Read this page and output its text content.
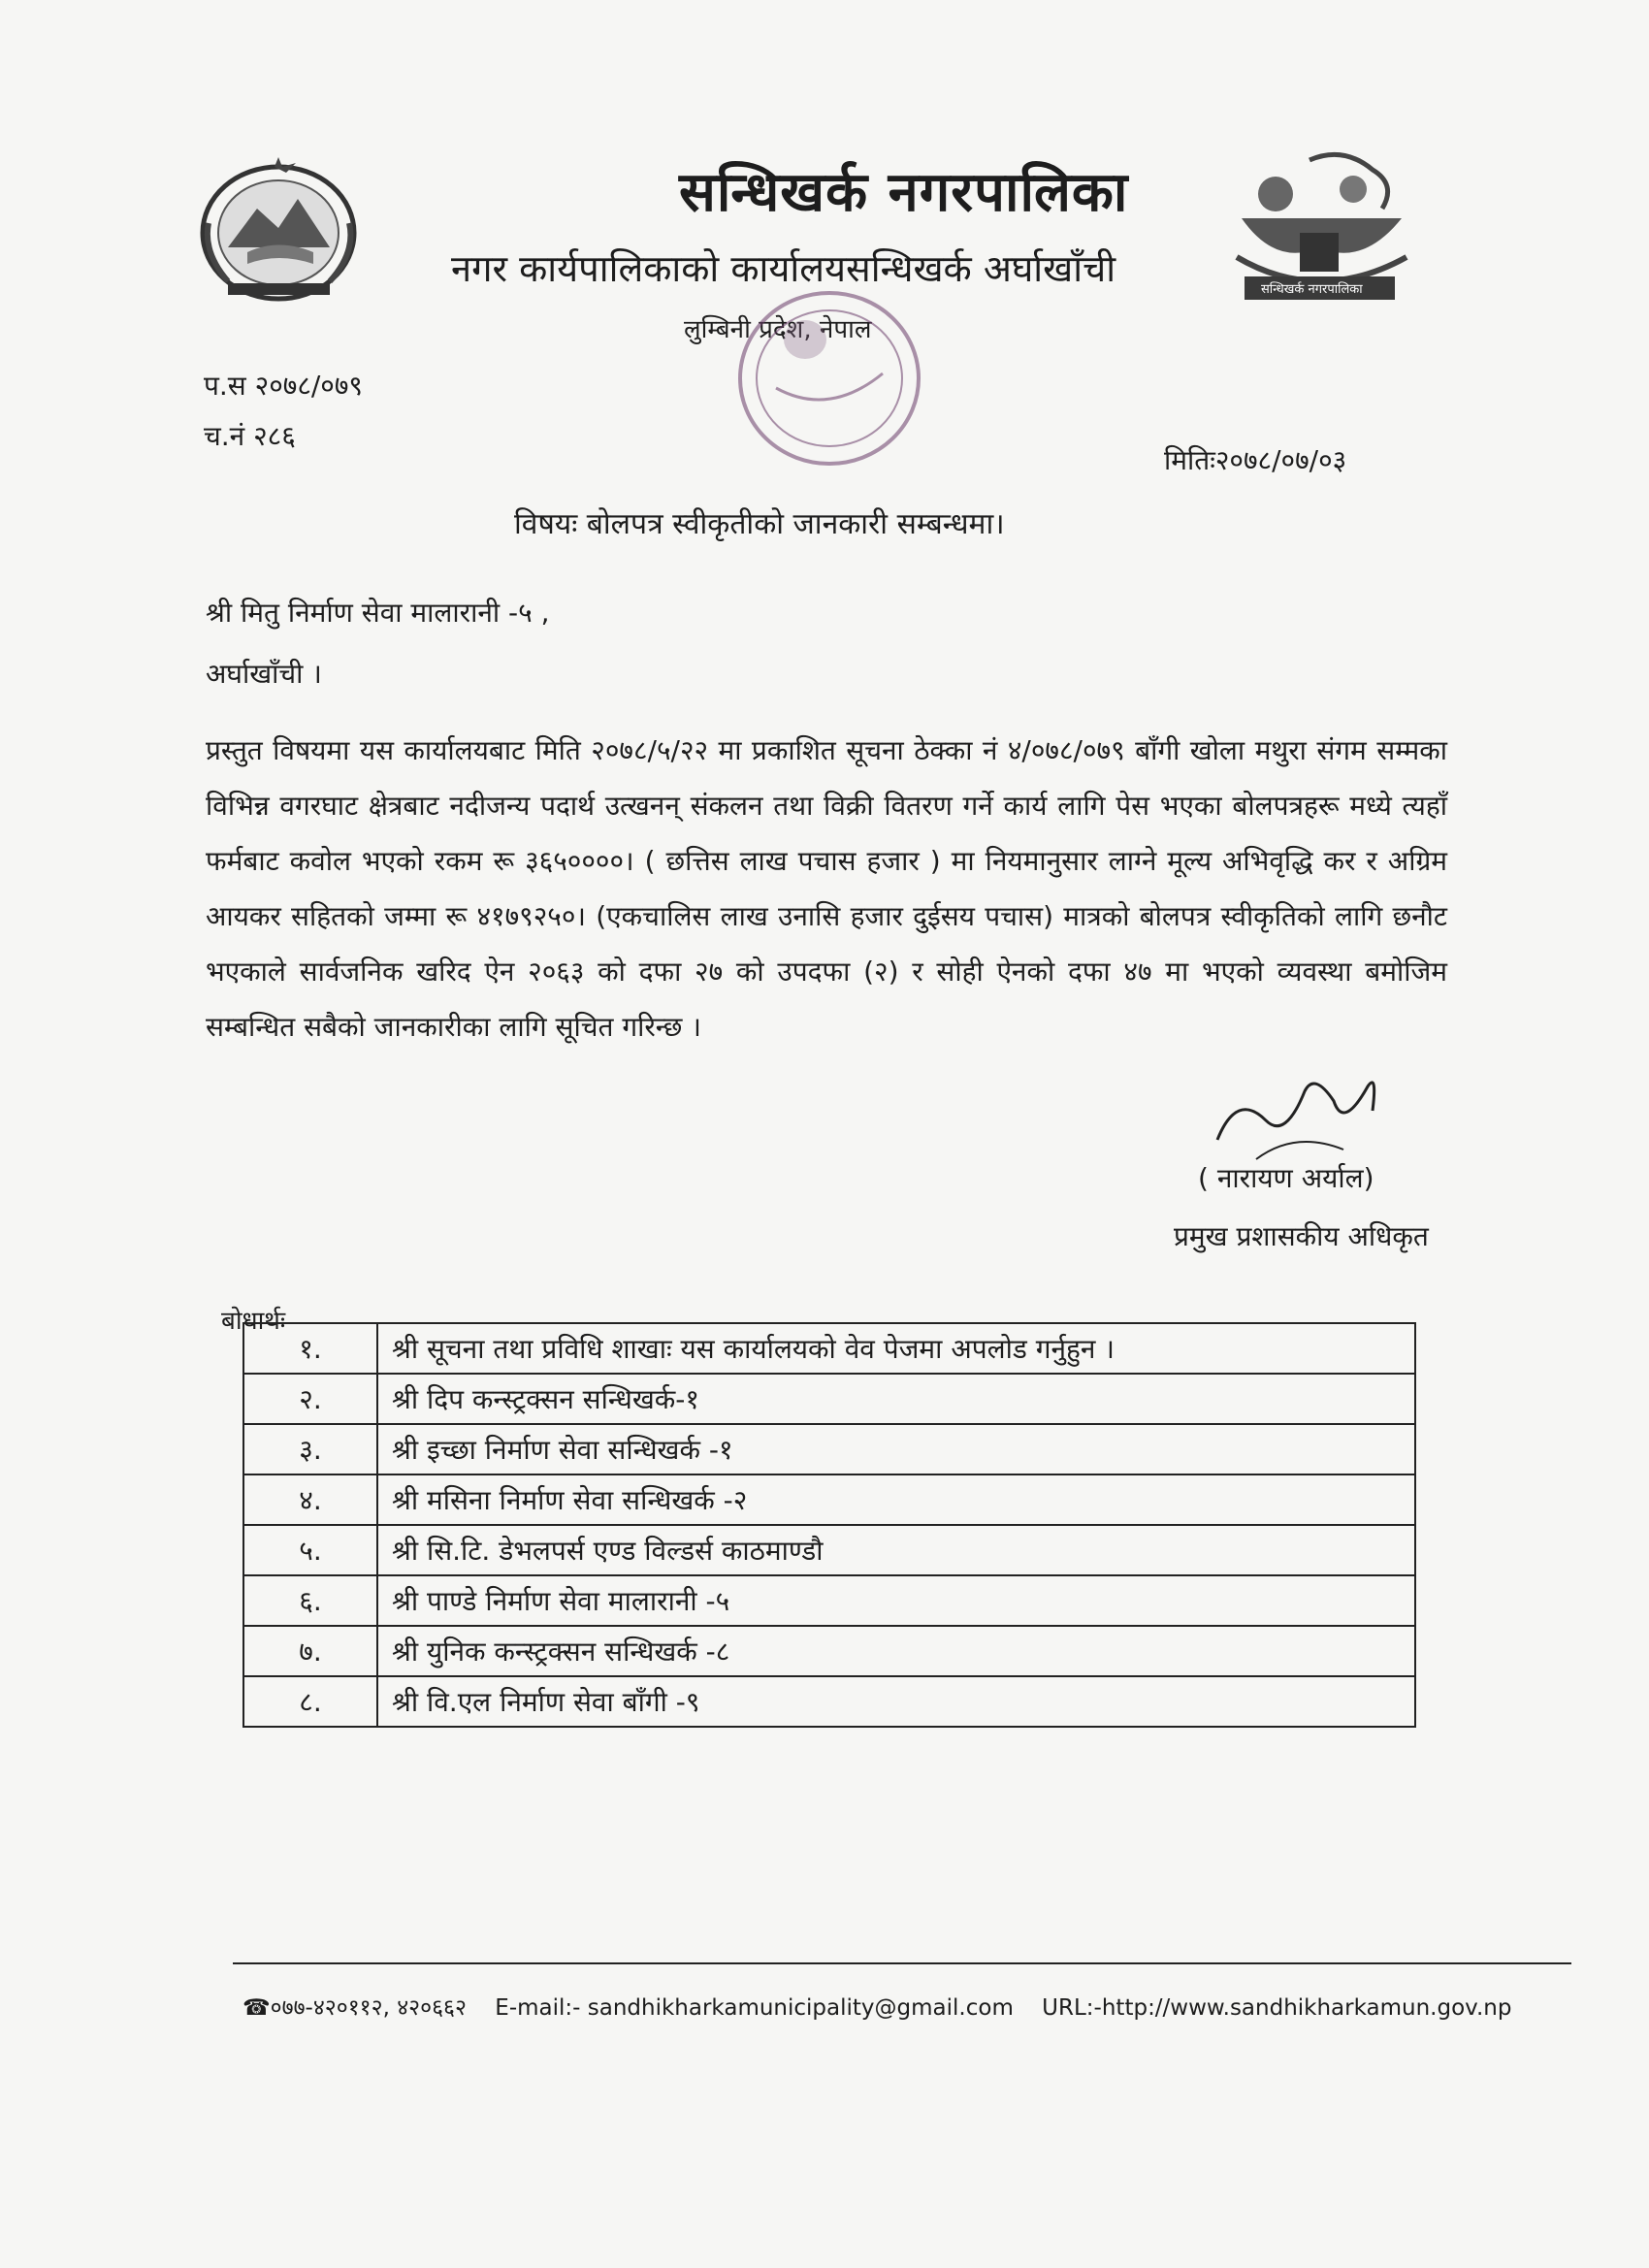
सन्धिखर्क नगरपालिका
नगर कार्यपालिकाको कार्यालयसन्धिखर्क अर्घाखाँची
लुम्बिनी प्रदेश, नेपाल
सन्धिखर्क नगरपालिका
प.स २०७८/०७९
च.नं २८६
मितिः२०७८/०७/०३
विषयः बोलपत्र स्वीकृतीको जानकारी सम्बन्धमा।
श्री मितु निर्माण सेवा मालारानी -५ ,
अर्घाखाँची ।
प्रस्तुत विषयमा यस कार्यालयबाट मिति २०७८/५/२२ मा प्रकाशित सूचना ठेक्का नं ४/०७८/०७९ बाँगी खोला मथुरा संगम सम्मका विभिन्न वगरघाट क्षेत्रबाट नदीजन्य पदार्थ उत्खनन् संकलन तथा विक्री वितरण गर्ने कार्य लागि पेस भएका बोलपत्रहरू मध्ये त्यहाँ फर्मबाट कवोल भएको रकम रू ३६५००००। ( छत्तिस लाख पचास हजार ) मा नियमानुसार लाग्ने मूल्य अभिवृद्धि कर र अग्रिम आयकर सहितको जम्मा रू ४१७९२५०। (एकचालिस लाख उनासि हजार दुईसय पचास) मात्रको बोलपत्र स्वीकृतिको लागि छनौट भएकाले सार्वजनिक खरिद ऐन २०६३ को दफा २७ को उपदफा (२) र सोही ऐनको दफा ४७ मा भएको व्यवस्था बमोजिम सम्बन्धित सबैको जानकारीका लागि सूचित गरिन्छ ।
( नारायण अर्याल)
प्रमुख प्रशासकीय अधिकृत
बोधार्थः
१.	श्री सूचना तथा प्रविधि शाखाः यस कार्यालयको वेव पेजमा अपलोड गर्नुहुन ।
२.	श्री दिप कन्स्ट्रक्सन सन्धिखर्क-१
३.	श्री इच्छा निर्माण सेवा सन्धिखर्क -१
४.	श्री मसिना निर्माण सेवा सन्धिखर्क -२
५.	श्री सि.टि. डेभलपर्स एण्ड विल्डर्स काठमाण्डौ
६.	श्री पाण्डे निर्माण सेवा मालारानी -५
७.	श्री युनिक कन्स्ट्रक्सन सन्धिखर्क -८
८.	श्री वि.एल निर्माण सेवा बाँगी -९
☎०७७-४२०११२, ४२०६६२ E-mail:- sandhikharkamunicipality@gmail.com URL:-http://www.sandhikharkamun.gov.np
